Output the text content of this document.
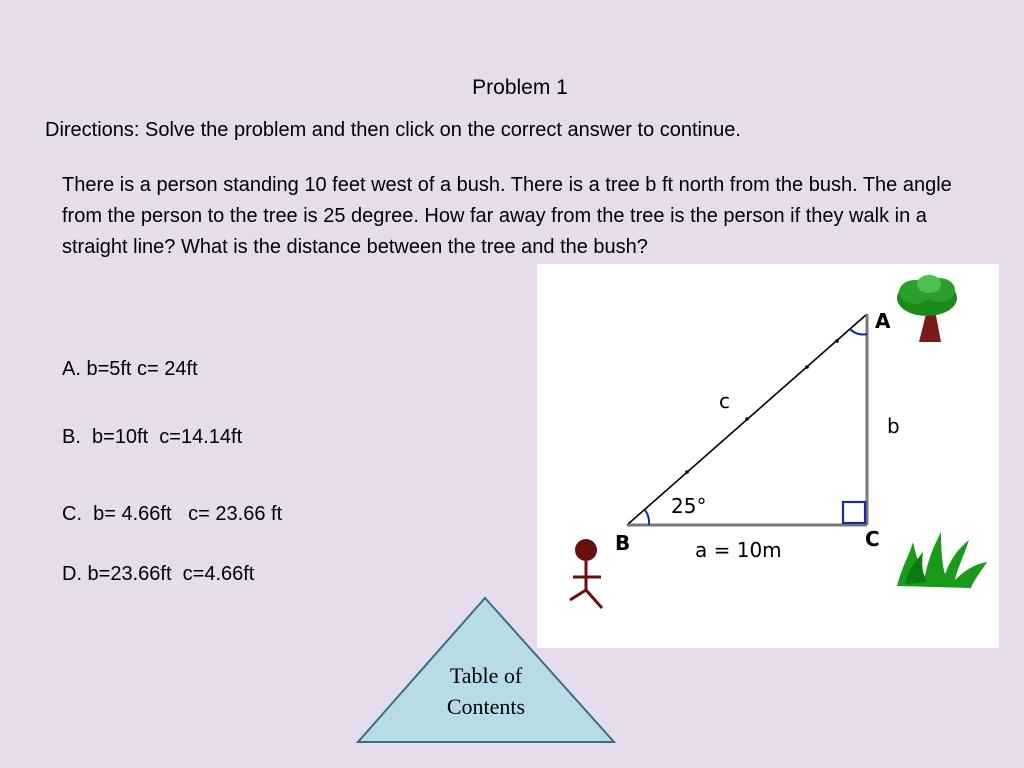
Problem 1
Directions: Solve the problem and then click on the correct answer to continue.
There is a person standing 10 feet west of a bush. There is a tree b ft north from the bush. The angle from the person to the tree is 25 degree. How far away from the tree is the person if they walk in a straight line? What is the distance between the tree and the bush?
A. b=5ft c= 24ft
B.  b=10ft  c=14.14ft
C.  b= 4.66ft   c= 23.66 ft
D. b=23.66ft  c=4.66ft
A
B	C
c
b
a = 10m
25°
Table of
Contents
